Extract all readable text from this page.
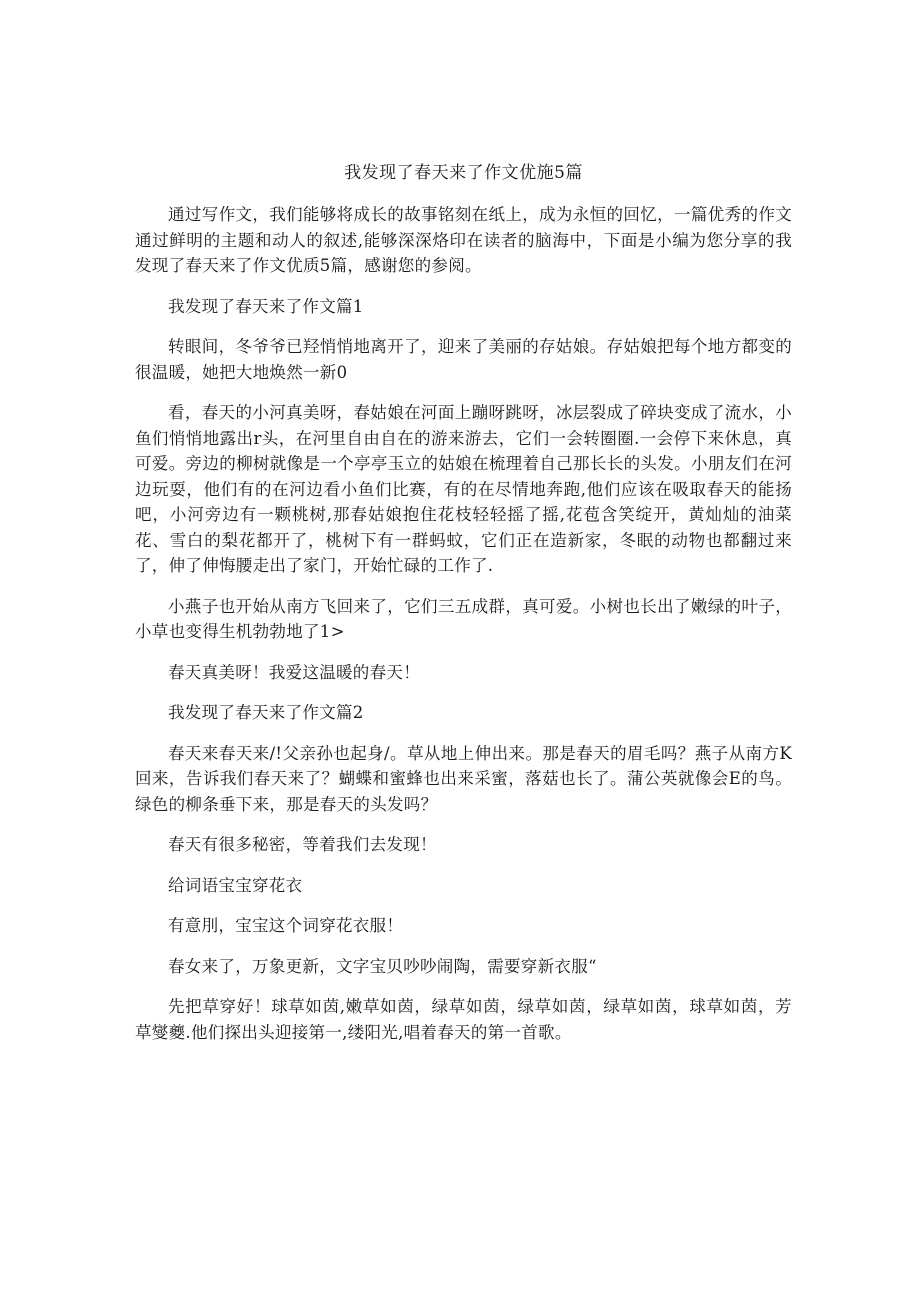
我发现了春天来了作文优施5篇

通过写作文，我们能够将成长的故事铭刻在纸上，成为永恒的回忆，一篇优秀的作文通过鲜明的主题和动人的叙述,能够深深烙印在读者的脑海中，下面是小编为您分享的我发现了春天来了作文优质5篇，感谢您的参阅。

我发现了春天来了作文篇1

转眼间，冬爷爷已羟悄悄地离开了，迎来了美丽的存姑娘。存姑娘把每个地方都变的很温暖，她把大地焕然一新0

看，春天的小河真美呀，春姑娘在河面上蹦呀跳呀，冰层裂成了碎块变成了流水，小鱼们悄悄地露出r头，在河里自由自在的游来游去，它们一会转圈圈.一会停下来休息，真可爱。旁边的柳树就像是一个亭亭玉立的姑娘在梳理着自己那长长的头发。小朋友们在河边玩耍，他们有的在河边看小鱼们比赛，有的在尽情地奔跑,他们应该在吸取春天的能扬吧，小河旁边有一颗桃树,那春姑娘抱住花枝轻轻摇了摇,花苞含笑绽开，黄灿灿的油菜花、雪白的梨花都开了，桃树下有一群蚂蚊，它们正在造新家，冬眠的动物也都翻过来了，伸了伸悔腰走出了家门，开始忙碌的工作了.

小燕子也开始从南方飞回来了，它们三五成群，真可爱。小树也长出了嫩绿的叶子，小草也变得生机勃勃地了1>

春天真美呀！我爱这温暖的春天！

我发现了春天来了作文篇2

春天来春天来/!父亲孙也起身/。草从地上伸出来。那是春天的眉毛吗？燕子从南方K回来，告诉我们春天来了？蝴蝶和蜜蜂也出来采蜜，落菇也长了。蒲公英就像会E的鸟。绿色的柳条垂下来，那是春天的头发吗？

春天有很多秘密，等着我们去发现！

给词语宝宝穿花衣

有意刖，宝宝这个词穿花衣服！

春女来了，万象更新，文字宝贝吵吵闹陶，需要穿新衣服“

先把草穿好！球草如茵,嫩草如茵，绿草如茵，绿草如茵，绿草如茵，球草如茵，芳草燮夔.他们探出头迎接第一,缕阳光,唱着春天的第一首歌。
